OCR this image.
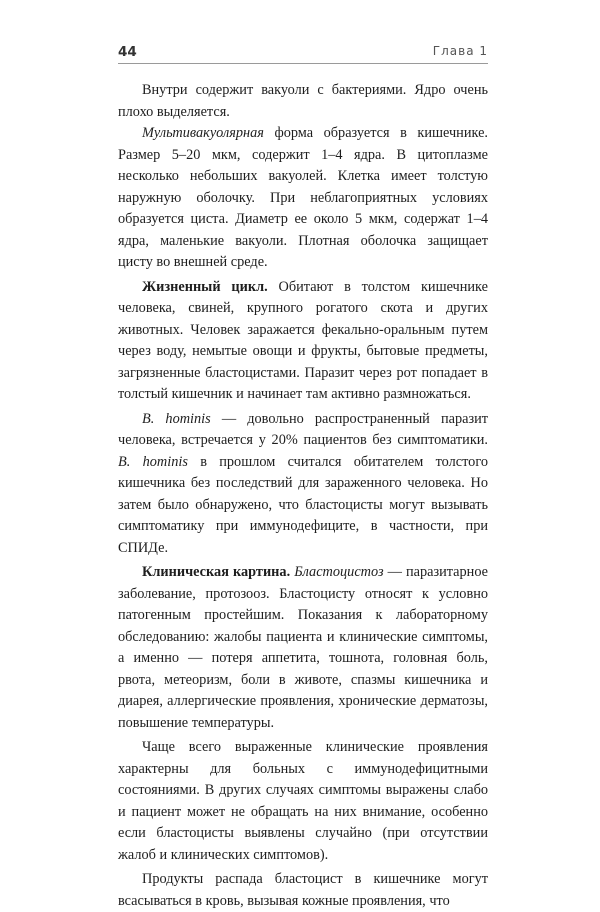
44	Глава 1

Внутри содержит вакуоли с бактериями. Ядро очень плохо выделяется.

Мультивакуолярная форма образуется в кишечнике. Размер 5–20 мкм, содержит 1–4 ядра. В цитоплазме несколько небольших вакуолей. Клетка имеет толстую наружную оболочку. При неблагоприятных условиях образуется циста. Диаметр ее около 5 мкм, содержат 1–4 ядра, маленькие вакуоли. Плотная оболочка защищает цисту во внешней среде.

Жизненный цикл. Обитают в толстом кишечнике человека, свиней, крупного рогатого скота и других животных. Человек заражается фекально-оральным путем через воду, немытые овощи и фрукты, бытовые предметы, загрязненные бластоцистами. Паразит через рот попадает в толстый кишечник и начинает там активно размножаться.

B. hominis — довольно распространенный паразит человека, встречается у 20% пациентов без симптоматики. B. hominis в прошлом считался обитателем толстого кишечника без последствий для зараженного человека. Но затем было обнаружено, что бластоцисты могут вызывать симптоматику при иммунодефиците, в частности, при СПИДе.

Клиническая картина. Бластоцистоз — паразитарное заболевание, протозооз. Бластоцисту относят к условно патогенным простейшим. Показания к лабораторному обследованию: жалобы пациента и клинические симптомы, а именно — потеря аппетита, тошнота, головная боль, рвота, метеоризм, боли в животе, спазмы кишечника и диарея, аллергические проявления, хронические дерматозы, повышение температуры.

Чаще всего выраженные клинические проявления характерны для больных с иммунодефицитными состояниями. В других случаях симптомы выражены слабо и пациент может не обращать на них внимание, особенно если бластоцисты выявлены случайно (при отсутствии жалоб и клинических симптомов).

Продукты распада бластоцист в кишечнике могут всасываться в кровь, вызывая кожные проявления, что
